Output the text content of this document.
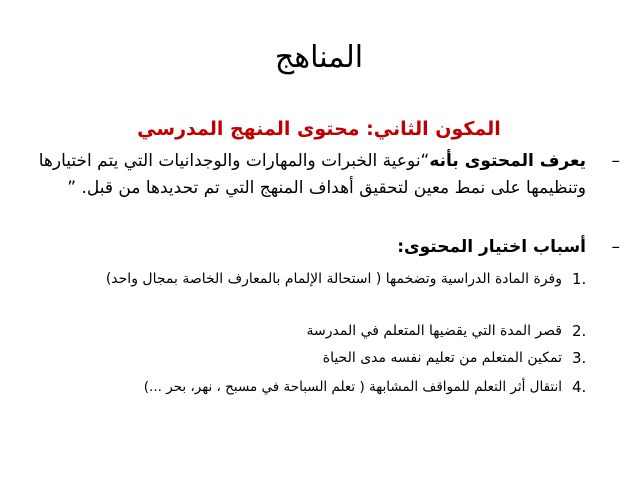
المناهج
المكون الثاني: محتوى المنهج المدرسي
–
يعرف المحتوى بأنه“نوعية الخبرات والمهارات والوجدانيات التي يتم اختيارها وتنظيمها على نمط معين لتحقيق أهداف المنهج التي تم تحديدها من قبل. ”
–
أسباب اختيار المحتوى:
1.
وفرة المادة الدراسية وتضخمها ( استحالة الإلمام بالمعارف الخاصة بمجال واحد)
2.
قصر المدة التي يقضيها المتعلم في المدرسة
3.
تمكين المتعلم من تعليم نفسه مدى الحياة
4.
انتقال أثر التعلم للمواقف المشابهة ( تعلم السباحة في مسبح ، نهر، بحر ...)
